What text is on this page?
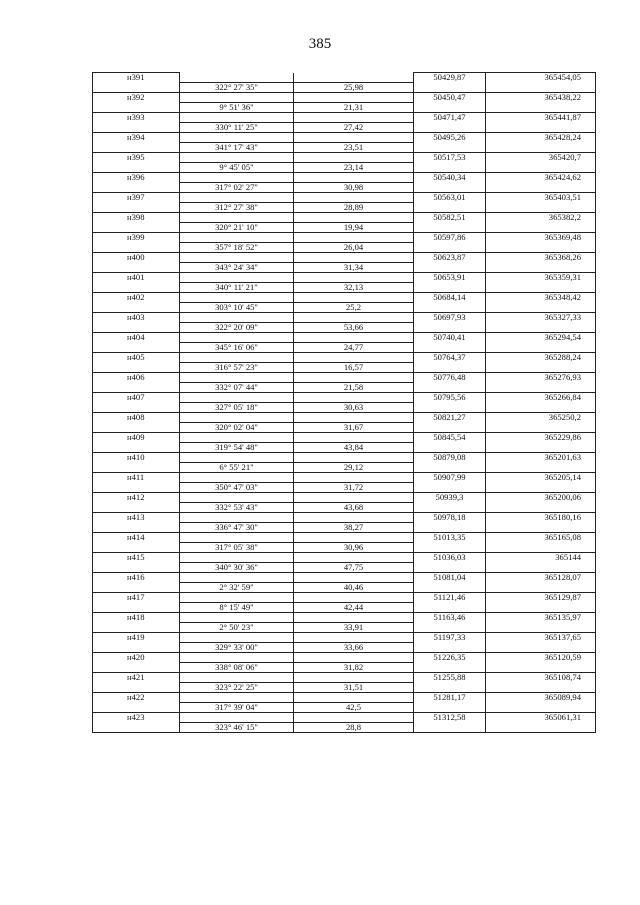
385
н391			50429,87	365454,05
	322° 27' 35"	25,98		
н392			50450,47	365438,22
	9° 51' 36"	21,31		
н393			50471,47	365441,87
	330° 11' 25"	27,42		
н394			50495,26	365428,24
	341° 17' 43"	23,51		
н395			50517,53	365420,7
	9° 45' 05"	23,14		
н396			50540,34	365424,62
	317° 02' 27"	30,98		
н397			50563,01	365403,51
	312° 27' 38"	28,89		
н398			50582,51	365382,2
	320° 21' 10"	19,94		
н399			50597,86	365369,48
	357° 18' 52"	26,04		
н400			50623,87	365368,26
	343° 24' 34"	31,34		
н401			50653,91	365359,31
	340° 11' 21"	32,13		
н402			50684,14	365348,42
	303° 10' 45"	25,2		
н403			50697,93	365327,33
	322° 20' 09"	53,66		
н404			50740,41	365294,54
	345° 16' 06"	24,77		
н405			50764,37	365288,24
	316° 57' 23"	16,57		
н406			50776,48	365276,93
	332° 07' 44"	21,58		
н407			50795,56	365266,84
	327° 05' 18"	30,63		
н408			50821,27	365250,2
	320° 02' 04"	31,67		
н409			50845,54	365229,86
	319° 54' 48"	43,84		
н410			50879,08	365201,63
	6° 55' 21"	29,12		
н411			50907,99	365205,14
	350° 47' 03"	31,72		
н412			50939,3	365200,06
	332° 53' 43"	43,68		
н413			50978,18	365180,16
	336° 47' 30"	38,27		
н414			51013,35	365165,08
	317° 05' 38"	30,96		
н415			51036,03	365144
	340° 30' 36"	47,75		
н416			51081,04	365128,07
	2° 32' 59"	40,46		
н417			51121,46	365129,87
	8° 15' 49"	42,44		
н418			51163,46	365135,97
	2° 50' 23"	33,91		
н419			51197,33	365137,65
	329° 33' 00"	33,66		
н420			51226,35	365120,59
	338° 08' 06"	31,82		
н421			51255,88	365108,74
	323° 22' 25"	31,51		
н422			51281,17	365089,94
	317° 39' 04"	42,5		
н423			51312,58	365061,31
	323° 46' 15"	28,8		
